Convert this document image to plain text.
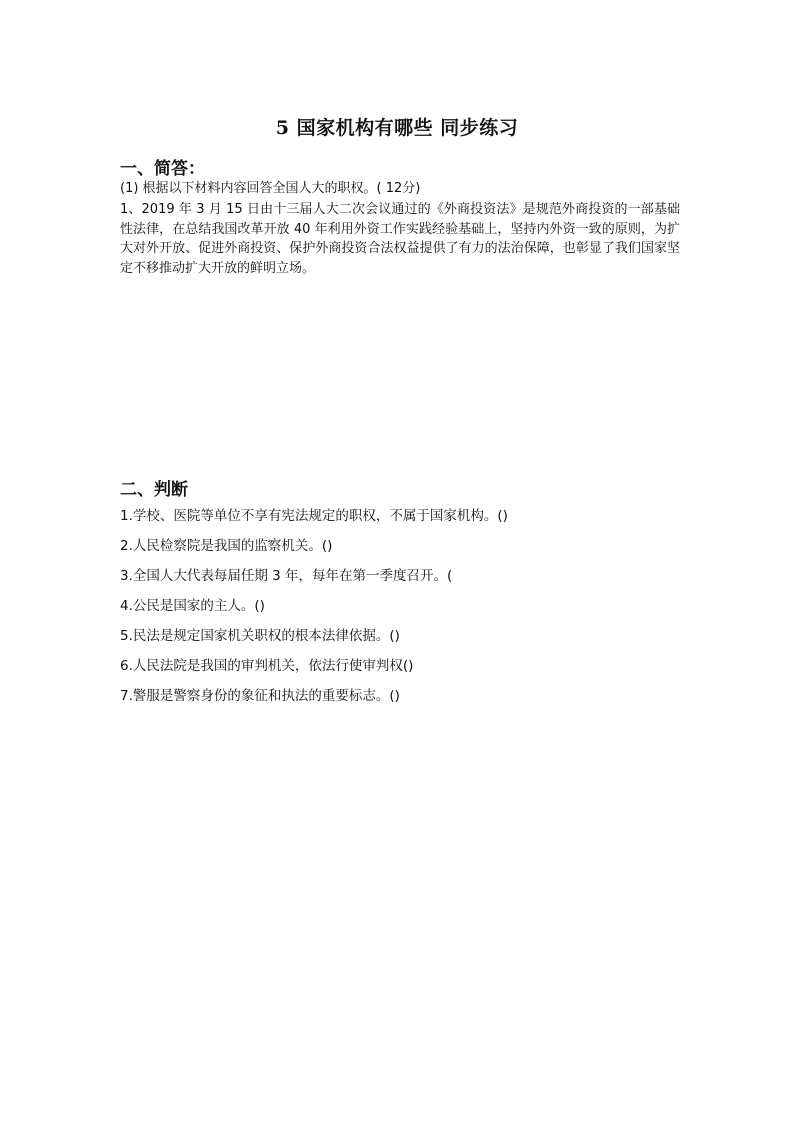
5 国家机构有哪些 同步练习
一、简答：
(1) 根据以下材料内容回答全国人大的职权。( 12分)
1、2019 年 3 月 15 日由十三届人大二次会议通过的《外商投资法》是规范外商投资的一部基础性法律，在总结我国改革开放 40 年利用外资工作实践经验基础上，坚持内外资一致的原则，为扩大对外开放、促进外商投资、保护外商投资合法权益提供了有力的法治保障，也彰显了我们国家坚定不移推动扩大开放的鲜明立场。
二、判断
1.学校、医院等单位不享有宪法规定的职权，不属于国家机构。()
2.人民检察院是我国的监察机关。()
3.全国人大代表每届任期 3 年，每年在第一季度召开。(
4.公民是国家的主人。()
5.民法是规定国家机关职权的根本法律依据。()
6.人民法院是我国的审判机关，依法行使审判权()
7.警服是警察身份的象征和执法的重要标志。()
